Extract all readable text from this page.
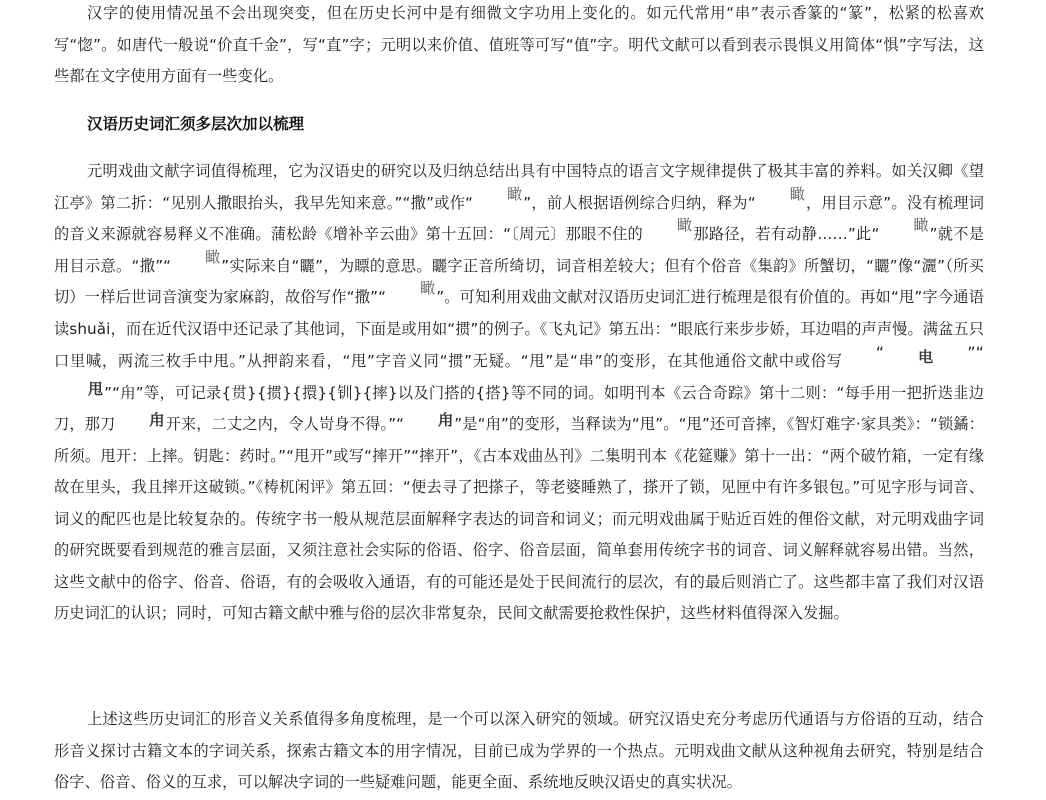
汉字的使用情况虽不会出现突变，但在历史长河中是有细微文字功用上变化的。如元代常用“串”表示香篆的“篆”，松紧的松喜欢写“惚”。如唐代一般说“价直千金”，写“直”字；元明以来价值、值班等可写“值”字。明代文献可以看到表示畏惧义用简体“惧”字写法，这些都在文字使用方面有一些变化。

汉语历史词汇须多层次加以梳理

元明戏曲文献字词值得梳理，它为汉语史的研究以及归纳总结出具有中国特点的语言文字规律提供了极其丰富的养料。如关汉卿《望江亭》第二折：“见别人撒眼抬头，我早先知来意。”“撒”或作“ 瞰”，前人根据语例综合归纳，释为“ 瞰，用目示意”。没有梳理词的音义来源就容易释义不准确。蒲松龄《增补辛云曲》第十五回：“〔周元〕那眼不住的 瞰那路径，若有动静……”此“ 瞰”就不是用目示意。“撒”“ 瞰”实际来自“矖”，为瞟的意思。矖字正音所绮切，词音相差较大；但有个俗音《集韵》所蟹切，“矖”像“灑”（所买切）一样后世词音演变为家麻韵，故俗写作“撒”“ 瞰”。可知利用戏曲文献对汉语历史词汇进行梳理是很有价值的。再如“甩”字今通语读shuǎi，而在近代汉语中还记录了其他词，下面是或用如“掼”的例子。《飞丸记》第五出：“眼底行来步步娇，耳边唱的声声慢。满盆五只口里喊，两流三枚手中甩。”从押韵来看，“甩”字音义同“掼”无疑。“甩”是“串”的变形，在其他通俗文献中或俗写 “ 电 ”“甩”“甪”等，可记录{贯}{掼}{擐}{钏}{摔}以及门搭的{搭}等不同的词。如明刊本《云合奇踪》第十二则：“每手用一把折迭韭边刀，那刀 甪开来，二丈之内，令人岢身不得。”“ 甪”是“甪”的变形，当释读为“甩”。“甩”还可音摔，《智灯难字·家具类》：“锁鐍：所须。甩开：上摔。钥匙：药时。”“甩开”或写“摔开”“摔开”，《古本戏曲丛刊》二集明刊本《花筵赚》第十一出：“两个破竹箱，一定有缘故在里头，我且摔开这破锁。”《梼杌闲评》第五回：“便去寻了把搽子，等老婆睡熟了，搽开了锁，见匣中有许多银包。”可见字形与词音、词义的配匹也是比较复杂的。传统字书一般从规范层面解释字表达的词音和词义；而元明戏曲属于贴近百姓的俚俗文献，对元明戏曲字词的研究既要看到规范的雅言层面，又须注意社会实际的俗语、俗字、俗音层面，简单套用传统字书的词音、词义解释就容易出错。当然，这些文献中的俗字、俗音、俗语，有的会吸收入通语，有的可能还是处于民间流行的层次，有的最后则消亡了。这些都丰富了我们对汉语历史词汇的认识；同时，可知古籍文献中雅与俗的层次非常复杂，民间文献需要抢救性保护，这些材料值得深入发掘。

上述这些历史词汇的形音义关系值得多角度梳理，是一个可以深入研究的领域。研究汉语史充分考虑历代通语与方俗语的互动，结合形音义探讨古籍文本的字词关系，探索古籍文本的用字情况，目前已成为学界的一个热点。元明戏曲文献从这种视角去研究，特别是结合俗字、俗音、俗义的互求，可以解决字词的一些疑难问题，能更全面、系统地反映汉语史的真实状况。
